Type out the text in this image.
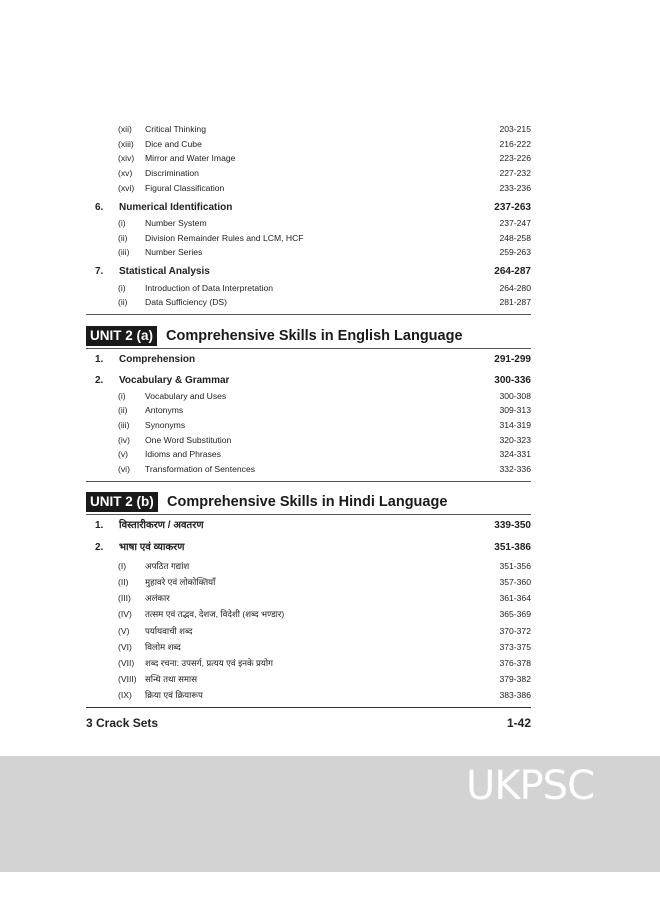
(xii)	Critical Thinking	203-215
(xiii)	Dice and Cube	216-222
(xiv)	Mirror and Water Image	223-226
(xv)	Discrimination	227-232
(xvi)	Figural Classification	233-236
6. Numerical Identification	237-263
(i)	Number System	237-247
(ii)	Division Remainder Rules and LCM, HCF	248-258
(iii)	Number Series	259-263
7. Statistical Analysis	264-287
(i)	Introduction of Data Interpretation	264-280
(ii)	Data Sufficiency (DS)	281-287
UNIT 2 (a) Comprehensive Skills in English Language
1. Comprehension	291-299
2. Vocabulary & Grammar	300-336
(i)	Vocabulary and Uses	300-308
(ii)	Antonyms	309-313
(iii)	Synonyms	314-319
(iv)	One Word Substitution	320-323
(v)	Idioms and Phrases	324-331
(vi)	Transformation of Sentences	332-336
UNIT 2 (b) Comprehensive Skills in Hindi Language
1. विस्तारीकरण / अवतरण	339-350
2. भाषा एवं व्याकरण	351-386
(I)	अपठित गद्यांश	351-356
(II)	मुहावरे एवं लोकोक्तियाँ	357-360
(III)	अलंकार	361-364
(IV)	तत्सम एवं तद्भव, देशज, विदेशी (शब्द भण्डार)	365-369
(V)	पर्यायवाची शब्द	370-372
(VI)	विलोम शब्द	373-375
(VII)	शब्द रचना: उपसर्ग, प्रत्यय एवं इनके प्रयोग	376-378
(VIII) सन्धि तथा समास	379-382
(IX)	क्रिया एवं क्रियारूप	383-386
3 Crack Sets	1-42
UKPSC
